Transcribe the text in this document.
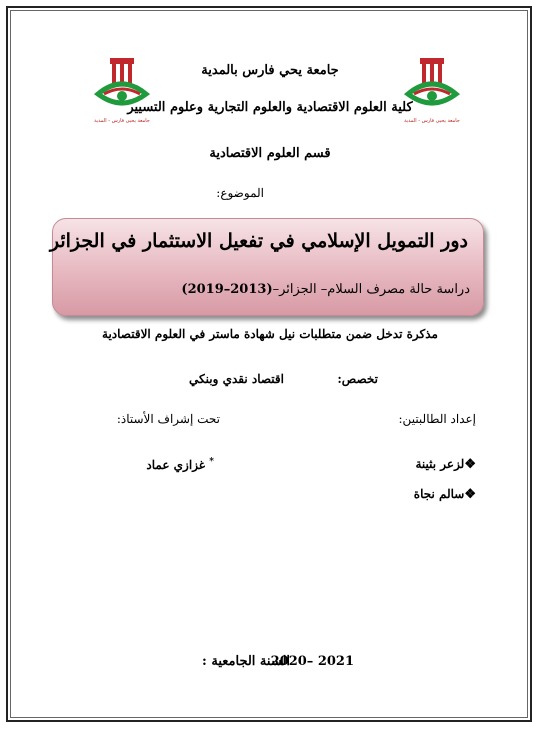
جامعة يحيى فارس - المدية	جامعة يحيى فارس - المدية
جامعة يحي فارس بالمدية
كلية العلوم الاقتصادية والعلوم التجارية وعلوم التسيير
قسم العلوم الاقتصادية
الموضوع:
دور التمويل الإسلامي في تفعيل الاستثمار في الجزائر
دراسة حالة مصرف السلام– الجزائر–(2013–2019)
مذكرة تدخل ضمن متطلبات نيل شهادة ماستر في العلوم الاقتصادية
تخصص:
اقتصاد نقدي وبنكي
إعداد الطالبتين:
تحت إشراف الأستاذ:
❖لزعر بثينة
❖سالم نجاة
* غزازي عماد
السنة الجامعية :
2020– 2021
